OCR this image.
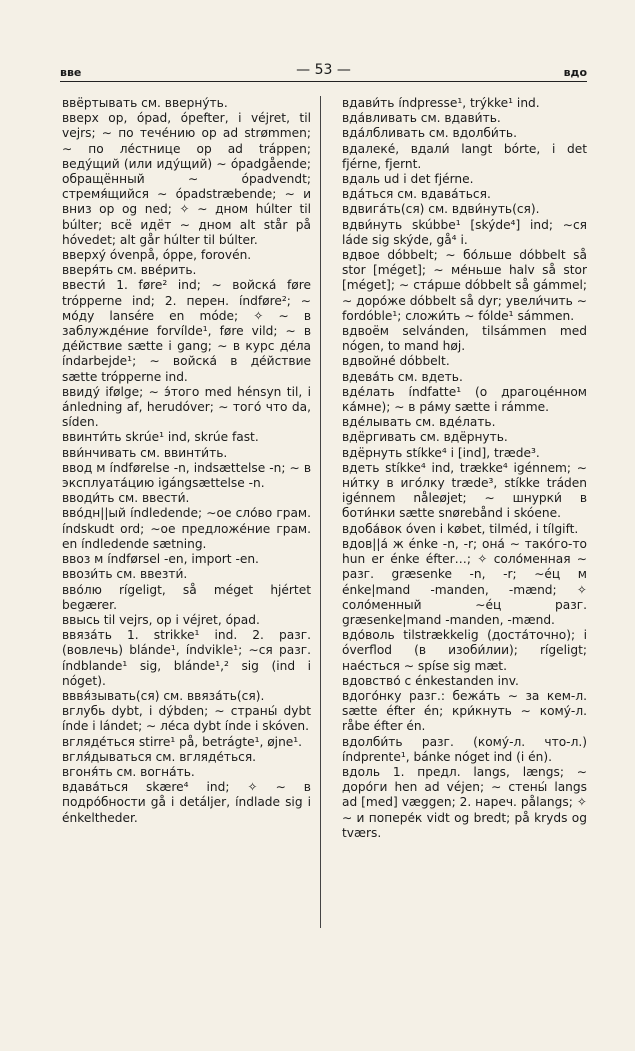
вве	— 53 —	вдо

ввёртывать см. вверну́ть.

вверх op, ópad, ópefter, i véjret, til vejrs; ∼ по тече́нию op ad strømmen; ∼ по ле́стнице op ad tráppen; веду́щий (или иду́щий) ∼ ópadgående; обращённый ∼ ópadvendt; стремя́щийся ∼ ópadstræbende; ∼ и вниз op og ned; ✧ ∼ дном húlter til búlter; всё идёт ∼ дном alt står på hóvedet; alt går húlter til búlter.

вверху́ óvenpå, óppe, forovén.

вверя́ть см. вве́рить.

ввести́ 1. føre² ind; ∼ войска́ føre trópperne ind; 2. перен. índføre²; ∼ мо́ду lansére en móde; ✧ ∼ в заблужде́ние forvílde¹, føre vild; ∼ в де́йствие sætte i gang; ∼ в курс де́ла índarbejde¹; ∼ войска́ в де́йствие sætte trópperne ind.

ввиду́ ifølge; ∼ э́того med hénsyn til, i ánledning af, herudóver; ∼ того́ что da, síden.

ввинти́ть skrúe¹ ind, skrúe fast.

вви́нчивать см. ввинти́ть.

ввод м índførelse -n, indsættelse -n; ∼ в эксплуата́цию igángsættelse -n.

вводи́ть см. ввести́.

вво́дн||ый índledende; ∼oe сло́во грам. índskudt ord; ∼oe предложе́ние грам. en índledende sætning.

ввоз м índførsel -en, import -en.

ввози́ть см. ввезти́.

вво́лю rígeligt, så méget hjértet begærer.

ввысь til vejrs, op i véjret, ópad.

ввяза́ть 1. strikke¹ ind. 2. разг. (вовлечь) blánde¹, índvikle¹; ∼ся разг. índblande¹ sig, blánde¹,² sig (ind i nóget).

вввя́зывать(ся) см. ввяза́ть(ся).

вглубь dybt, i dýbden; ∼ страны́ dybt índe i lándet; ∼ ле́са dybt índe i skóven.

вгляде́ться stirre¹ på, betrágte¹, øjne¹.

вгля́дываться см. вгляде́ться.

вгоня́ть см. вогна́ть.

вдава́ться skære⁴ ind; ✧ ∼ в подро́бности gå i detáljer, índlade sig i énkeltheder.

вдави́ть índpresse¹, trýkke¹ ind.

вда́вливать см. вдави́ть.

вда́лбливать см. вдолби́ть.

вдалеке́, вдали́ langt bórte, i det fjérne, fjernt.

вдаль ud i det fjérne.

вда́ться см. вдава́ться.

вдвига́ть(ся) см. вдви́нуть(ся).

вдви́нуть skúbbe¹ [skýde⁴] ind; ∼ся láde sig skýde, gå⁴ i.

вдвое dóbbelt; ∼ бо́льше dóbbelt så stor [méget]; ∼ ме́ньше halv så stor [méget]; ∼ ста́рше dóbbelt så gámmel; ∼ доро́же dóbbelt så dyr; увели́чить ∼ fordóble¹; сложи́ть ∼ fólde¹ sámmen.

вдвоём selvánden, tilsámmen med nógen, to mand høj.

вдвойне́ dóbbelt.

вдева́ть см. вдеть.

вде́лать índfatte¹ (о драгоце́нном ка́мне); ∼ в ра́му sætte i rámme.

вде́лывать см. вде́лать.

вдёргивать см. вдёрнуть.

вдёрнуть stíkke⁴ i [ind], træde³.

вдеть stíkke⁴ ind, trække⁴ igénnem; ∼ ни́тку в иго́лку træde³, stíkke tráden igénnem nåleøjet; ∼ шнурки́ в боти́нки sætte snørebånd i skóene.

вдоба́вок óven i købet, tilméd, i tílgift.

вдов||а́ ж énke -n, -r; она́ ∼ тако́го-то hun er énke éfter…; ✧ соло́менная ∼ разг. græsenke -n, -r; ∼éц м énke|mand -manden, -mænd; ✧ соло́менный ∼éц разг. græsenke|mand -manden, -mænd.

вдо́воль tilstrækkelig (доста́точно); i óverflod (в изоби́лии); rígeligt; нае́сться ∼ spíse sig mæt.

вдовство́ с énkestanden inv.

вдого́нку разг.: бежа́ть ∼ за кем-л. sætte éfter én; кри́кнуть ∼ кому́-л. råbe éfter én.

вдолби́ть разг. (кому́-л. что-л.) índprente¹, bánke nóget ind (i én).

вдоль 1. предл. langs, længs; ∼ доро́ги hen ad véjen; ∼ стены́ langs ad [med] væggen; 2. нареч. pålangs; ✧ ∼ и попере́к vidt og bredt; på kryds og tværs.
